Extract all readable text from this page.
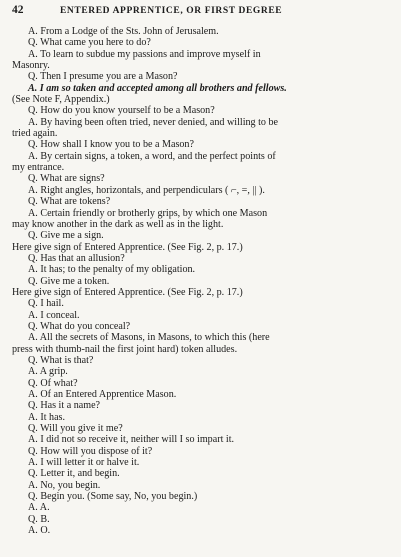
42	ENTERED APPRENTICE, OR FIRST DEGREE
A. From a Lodge of the Sts. John of Jerusalem.
Q. What came you here to do?
A. To learn to subdue my passions and improve myself in
Masonry.
Q. Then I presume you are a Mason?
A. I am so taken and accepted among all brothers and fellows.
(See Note F, Appendix.)
Q. How do you know yourself to be a Mason?
A. By having been often tried, never denied, and willing to be
tried again.
Q. How shall I know you to be a Mason?
A. By certain signs, a token, a word, and the perfect points of
my entrance.
Q. What are signs?
A. Right angles, horizontals, and perpendiculars ( ⌐, =, || ).
Q. What are tokens?
A. Certain friendly or brotherly grips, by which one Mason
may know another in the dark as well as in the light.
Q. Give me a sign.
Here give sign of Entered Apprentice. (See Fig. 2, p. 17.)
Q. Has that an allusion?
A. It has; to the penalty of my obligation.
Q. Give me a token.
Here give sign of Entered Apprentice. (See Fig. 2, p. 17.)
Q. I hail.
A. I conceal.
Q. What do you conceal?
A. All the secrets of Masons, in Masons, to which this (here
press with thumb-nail the first joint hard) token alludes.
Q. What is that?
A. A grip.
Q. Of what?
A. Of an Entered Apprentice Mason.
Q. Has it a name?
A. It has.
Q. Will you give it me?
A. I did not so receive it, neither will I so impart it.
Q. How will you dispose of it?
A. I will letter it or halve it.
Q. Letter it, and begin.
A. No, you begin.
Q. Begin you. (Some say, No, you begin.)
A. A.
Q. B.
A. O.
